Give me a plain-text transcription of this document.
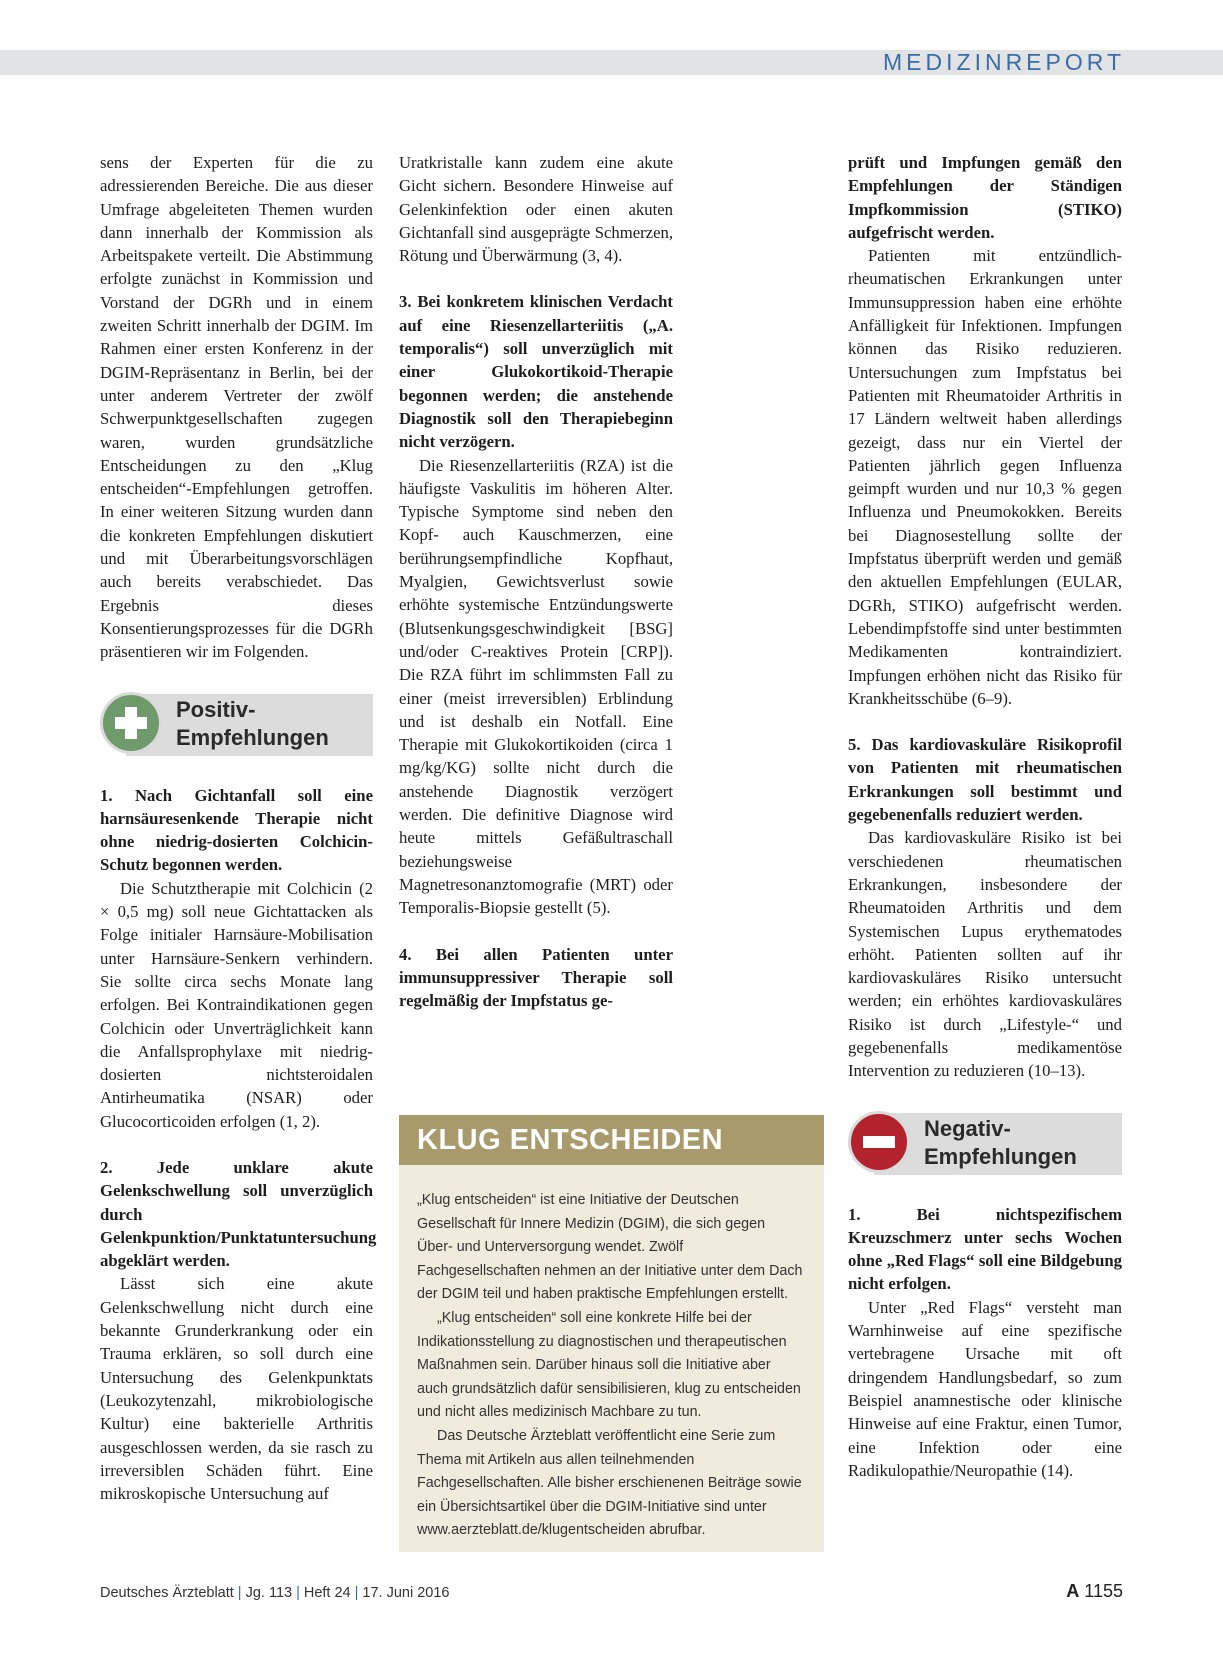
MEDIZINREPORT

sens der Experten für die zu adressierenden Bereiche. Die aus dieser Umfrage abgeleiteten Themen wurden dann innerhalb der Kommission als Arbeitspakete verteilt. Die Abstimmung erfolgte zunächst in Kommission und Vorstand der DGRh und in einem zweiten Schritt innerhalb der DGIM. Im Rahmen einer ersten Konferenz in der DGIM-Repräsentanz in Berlin, bei der unter anderem Vertreter der zwölf Schwerpunktgesellschaften zugegen waren, wurden grundsätzliche Entscheidungen zu den „Klug entscheiden“-Empfehlungen getroffen. In einer weiteren Sitzung wurden dann die konkreten Empfehlungen diskutiert und mit Überarbeitungsvorschlägen auch bereits verabschiedet. Das Ergebnis dieses Konsentierungsprozesses für die DGRh präsentieren wir im Folgenden.

Positiv-
Empfehlungen
1. Nach Gichtanfall soll eine harnsäuresenkende Therapie nicht ohne niedrig-dosierten Colchicin-Schutz begonnen werden.

Die Schutztherapie mit Colchicin (2 × 0,5 mg) soll neue Gichtattacken als Folge initialer Harnsäure-Mobilisation unter Harnsäure-Senkern verhindern. Sie sollte circa sechs Monate lang erfolgen. Bei Kontraindikationen gegen Colchicin oder Unverträglichkeit kann die Anfallsprophylaxe mit niedrig-dosierten nichtsteroidalen Antirheumatika (NSAR) oder Glucocorticoiden erfolgen (1, 2).

2. Jede unklare akute Gelenkschwellung soll unverzüglich durch Gelenkpunktion/Punktatuntersuchung abgeklärt werden.

Lässt sich eine akute Gelenkschwellung nicht durch eine bekannte Grunderkrankung oder ein Trauma erklären, so soll durch eine Untersuchung des Gelenkpunktats (Leukozytenzahl, mikrobiologische Kultur) eine bakterielle Arthritis ausgeschlossen werden, da sie rasch zu irreversiblen Schäden führt. Eine mikroskopische Untersuchung auf

Uratkristalle kann zudem eine akute Gicht sichern. Besondere Hinweise auf Gelenkinfektion oder einen akuten Gichtanfall sind ausgeprägte Schmerzen, Rötung und Überwärmung (3, 4).

3. Bei konkretem klinischen Verdacht auf eine Riesenzellarteriitis („A. temporalis“) soll unverzüglich mit einer Glukokortikoid-Therapie begonnen werden; die anstehende Diagnostik soll den Therapiebeginn nicht verzögern.

Die Riesenzellarteriitis (RZA) ist die häufigste Vaskulitis im höheren Alter. Typische Symptome sind neben den Kopf- auch Kauschmerzen, eine berührungsempfindliche Kopfhaut, Myalgien, Gewichtsverlust sowie erhöhte systemische Entzündungswerte (Blutsenkungsgeschwindigkeit [BSG] und/oder C-reaktives Protein [CRP]). Die RZA führt im schlimmsten Fall zu einer (meist irreversiblen) Erblindung und ist deshalb ein Notfall. Eine Therapie mit Glukokortikoiden (circa 1 mg/kg/KG) sollte nicht durch die anstehende Diagnostik verzögert werden. Die definitive Diagnose wird heute mittels Gefäßultraschall beziehungsweise Magnetresonanztomografie (MRT) oder Temporalis-Biopsie gestellt (5).

4. Bei allen Patienten unter immunsuppressiver Therapie soll regelmäßig der Impfstatus ge-
KLUG ENTSCHEIDEN

„Klug entscheiden“ ist eine Initiative der Deutschen Gesellschaft für Innere Medizin (DGIM), die sich gegen Über- und Unterversorgung wendet. Zwölf Fachgesellschaften nehmen an der Initiative unter dem Dach der DGIM teil und haben praktische Empfehlungen erstellt.

„Klug entscheiden“ soll eine konkrete Hilfe bei der Indikationsstellung zu diagnostischen und therapeutischen Maßnahmen sein. Darüber hinaus soll die Initiative aber auch grundsätzlich dafür sensibilisieren, klug zu entscheiden und nicht alles medizinisch Machbare zu tun.

Das Deutsche Ärzteblatt veröffentlicht eine Serie zum Thema mit Artikeln aus allen teilnehmenden Fachgesellschaften. Alle bisher erschienenen Beiträge sowie ein Übersichtsartikel über die DGIM-Initiative sind unter www.aerzteblatt.de/klugentscheiden abrufbar.

prüft und Impfungen gemäß den Empfehlungen der Ständigen Impfkommission (STIKO) aufgefrischt werden.

Patienten mit entzündlich-rheumatischen Erkrankungen unter Immunsuppression haben eine erhöhte Anfälligkeit für Infektionen. Impfungen können das Risiko reduzieren. Untersuchungen zum Impfstatus bei Patienten mit Rheumatoider Arthritis in 17 Ländern weltweit haben allerdings gezeigt, dass nur ein Viertel der Patienten jährlich gegen Influenza geimpft wurden und nur 10,3 % gegen Influenza und Pneumokokken. Bereits bei Diagnosestellung sollte der Impfstatus überprüft werden und gemäß den aktuellen Empfehlungen (EULAR, DGRh, STIKO) aufgefrischt werden. Lebendimpfstoffe sind unter bestimmten Medikamenten kontraindiziert. Impfungen erhöhen nicht das Risiko für Krankheitsschübe (6–9).

5. Das kardiovaskuläre Risikoprofil von Patienten mit rheumatischen Erkrankungen soll bestimmt und gegebenenfalls reduziert werden.

Das kardiovaskuläre Risiko ist bei verschiedenen rheumatischen Erkrankungen, insbesondere der Rheumatoiden Arthritis und dem Systemischen Lupus erythematodes erhöht. Patienten sollten auf ihr kardiovaskuläres Risiko untersucht werden; ein erhöhtes kardiovaskuläres Risiko ist durch „Lifestyle-“ und gegebenenfalls medikamentöse Intervention zu reduzieren (10–13).

Negativ-
Empfehlungen
1. Bei nichtspezifischem Kreuzschmerz unter sechs Wochen ohne „Red Flags“ soll eine Bildgebung nicht erfolgen.

Unter „Red Flags“ versteht man Warnhinweise auf eine spezifische vertebragene Ursache mit oft dringendem Handlungsbedarf, so zum Beispiel anamnestische oder klinische Hinweise auf eine Fraktur, einen Tumor, eine Infektion oder eine Radikulopathie/Neuropathie (14).

Deutsches Ärzteblatt | Jg. 113 | Heft 24 | 17. Juni 2016	A 1155
